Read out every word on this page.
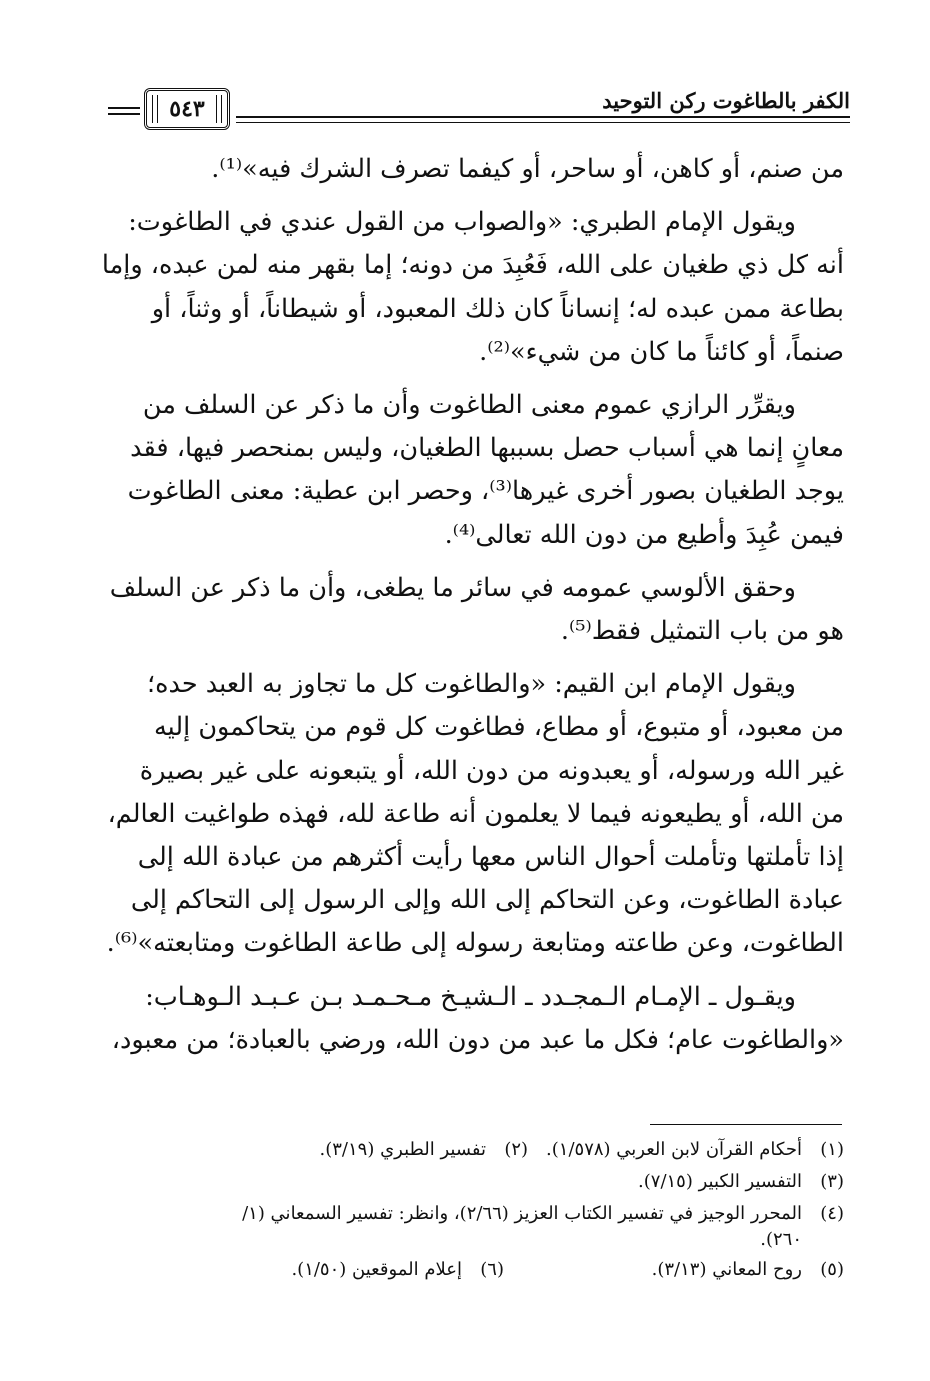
الكفر بالطاغوت ركن التوحيد
٥٤٣

من صنم، أو كاهن، أو ساحر، أو كيفما تصرف الشرك فيه»⁽¹⁾.

ويقول الإمام الطبري: «والصواب من القول عندي في الطاغوت:
أنه كل ذي طغيان على الله، فَعُبِدَ من دونه؛ إما بقهر منه لمن عبده، وإما
بطاعة ممن عبده له؛ إنساناً كان ذلك المعبود، أو شيطاناً، أو وثناً، أو
صنماً، أو كائناً ما كان من شيء»⁽²⁾.

ويقرِّر الرازي عموم معنى الطاغوت وأن ما ذكر عن السلف من
معانٍ إنما هي أسباب حصل بسببها الطغيان، وليس بمنحصر فيها، فقد
يوجد الطغيان بصور أخرى غيرها⁽³⁾، وحصر ابن عطية: معنى الطاغوت
فيمن عُبِدَ وأطيع من دون الله تعالى⁽⁴⁾.

وحقق الألوسي عمومه في سائر ما يطغى، وأن ما ذكر عن السلف
هو من باب التمثيل فقط⁽⁵⁾.

ويقول الإمام ابن القيم: «والطاغوت كل ما تجاوز به العبد حده؛
من معبود، أو متبوع، أو مطاع، فطاغوت كل قوم من يتحاكمون إليه
غير الله ورسوله، أو يعبدونه من دون الله، أو يتبعونه على غير بصيرة
من الله، أو يطيعونه فيما لا يعلمون أنه طاعة لله، فهذه طواغيت العالم،
إذا تأملتها وتأملت أحوال الناس معها رأيت أكثرهم من عبادة الله إلى
عبادة الطاغوت، وعن التحاكم إلى الله وإلى الرسول إلى التحاكم إلى
الطاغوت، وعن طاعته ومتابعة رسوله إلى طاعة الطاغوت ومتابعته»⁽⁶⁾.

ويقـول ـ الإمـام الـمجـدد ـ الـشيـخ مـحـمـد بـن عـبـد الـوهـاب:
«والطاغوت عام؛ فكل ما عبد من دون الله، ورضي بالعبادة؛ من معبود،

(١)
أحكام القرآن لابن العربي (١/٥٧٨).
(٢)
تفسير الطبري (٣/١٩).
(٣)
التفسير الكبير (٧/١٥).
(٤)
المحرر الوجيز في تفسير الكتاب العزيز (٢/٦٦)، وانظر: تفسير السمعاني (١/
٢٦٠).
(٥)
روح المعاني (٣/١٣).
(٦)
إعلام الموقعين (١/٥٠).
